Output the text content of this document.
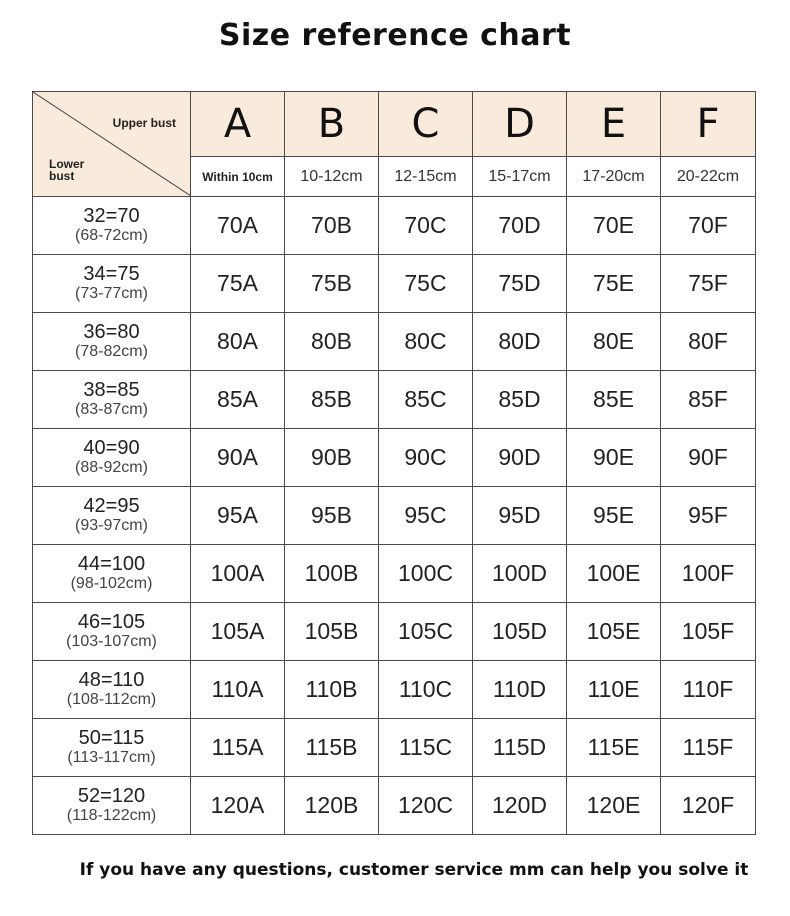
Size reference chart
Upper bust
Lower bust	A	B	C	D	E	F
	Within 10cm	10-12cm	12-15cm	15-17cm	17-20cm	20-22cm

32=70
(68-72cm)	70A	70B	70C	70D	70E	70F

34=75
(73-77cm)	75A	75B	75C	75D	75E	75F

36=80
(78-82cm)	80A	80B	80C	80D	80E	80F

38=85
(83-87cm)	85A	85B	85C	85D	85E	85F

40=90
(88-92cm)	90A	90B	90C	90D	90E	90F

42=95
(93-97cm)	95A	95B	95C	95D	95E	95F

44=100
(98-102cm)	100A	100B	100C	100D	100E	100F

46=105
(103-107cm)	105A	105B	105C	105D	105E	105F

48=110
(108-112cm)	110A	110B	110C	110D	110E	110F

50=115
(113-117cm)	115A	115B	115C	115D	115E	115F

52=120
(118-122cm)	120A	120B	120C	120D	120E	120F
If you have any questions, customer service mm can help you solve it
